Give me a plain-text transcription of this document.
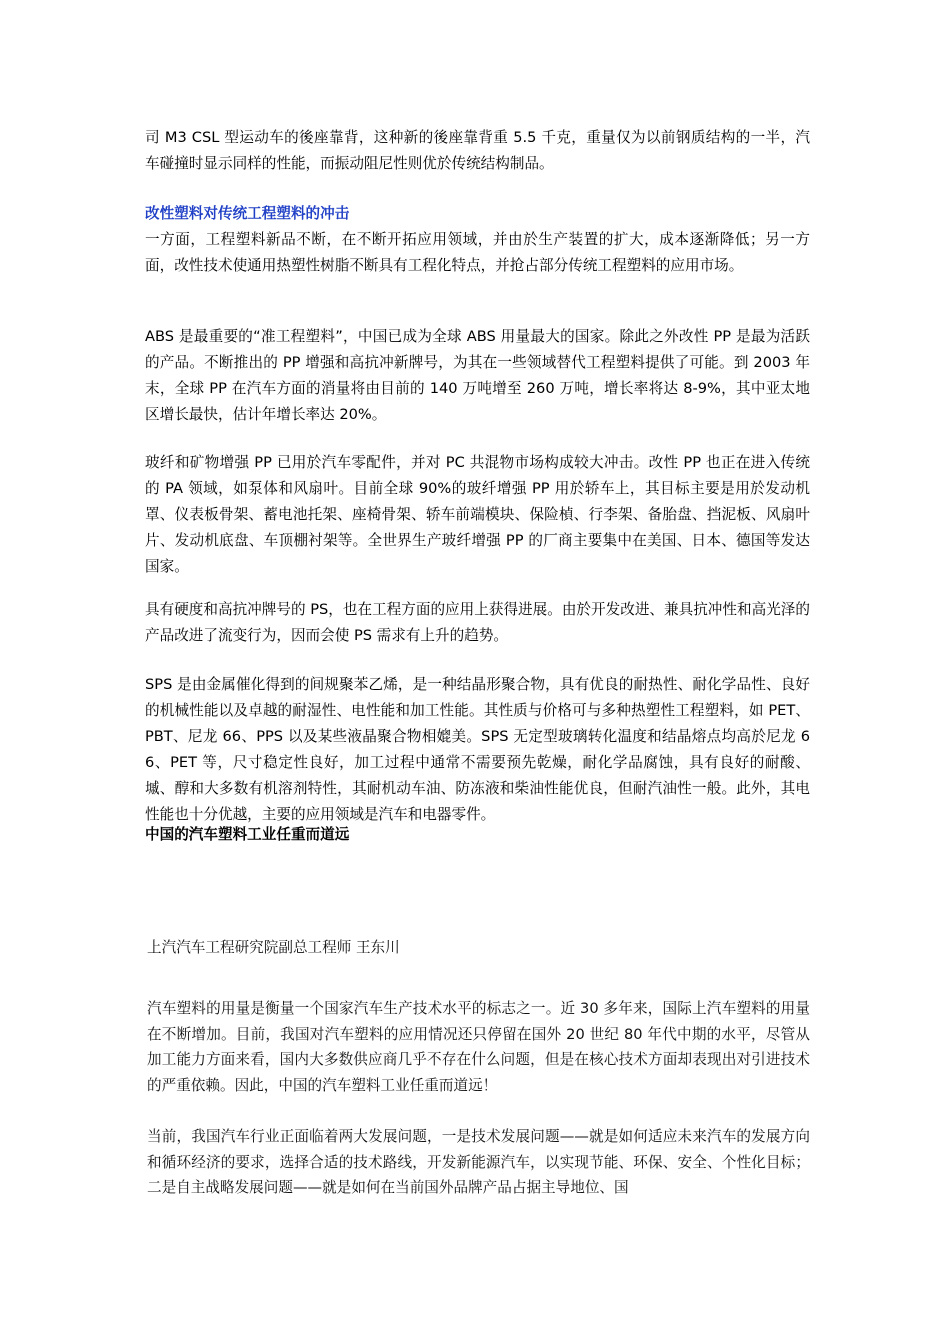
司 M3 CSL 型运动车的後座靠背，这种新的後座靠背重 5.5 千克，重量仅为以前钢质结构的一半，汽车碰撞时显示同样的性能，而振动阻尼性则优於传统结构制品。

改性塑料对传统工程塑料的冲击

一方面，工程塑料新品不断，在不断开拓应用领域，并由於生产装置的扩大，成本逐渐降低；另一方面，改性技术使通用热塑性树脂不断具有工程化特点，并抢占部分传统工程塑料的应用市场。

ABS 是最重要的“准工程塑料”，中国已成为全球 ABS 用量最大的国家。除此之外改性 PP 是最为活跃的产品。不断推出的 PP 增强和高抗冲新牌号，为其在一些领域替代工程塑料提供了可能。到 2003 年末，全球 PP 在汽车方面的消量将由目前的 140 万吨增至 260 万吨，增长率将达 8-9%，其中亚太地区增长最快，估计年增长率达 20%。

玻纤和矿物增强 PP 已用於汽车零配件，并对 PC 共混物市场构成较大冲击。改性 PP 也正在进入传统的 PA 领域，如泵体和风扇叶。目前全球 90%的玻纤增强 PP 用於轿车上，其目标主要是用於发动机罩、仪表板骨架、蓄电池托架、座椅骨架、轿车前端模块、保险楨、行李架、备胎盘、挡泥板、风扇叶片、发动机底盘、车顶棚衬架等。全世界生产玻纤增强 PP 的厂商主要集中在美国、日本、德国等发达国家。

具有硬度和高抗冲牌号的 PS，也在工程方面的应用上获得进展。由於开发改进、兼具抗冲性和高光泽的产品改进了流变行为，因而会使 PS 需求有上升的趋势。

SPS 是由金属催化得到的间规聚苯乙烯，是一种结晶形聚合物，具有优良的耐热性、耐化学品性、良好的机械性能以及卓越的耐湿性、电性能和加工性能。其性质与价格可与多种热塑性工程塑料，如 PET、PBT、尼龙 66、PPS 以及某些液晶聚合物相媲美。SPS 无定型玻璃转化温度和结晶熔点均高於尼龙 66、PET 等，尺寸稳定性良好，加工过程中通常不需要预先乾燥，耐化学品腐蚀，具有良好的耐酸、墄、醇和大多数有机溶剂特性，其耐机动车油、防冻液和柴油性能优良，但耐汽油性一般。此外，其电性能也十分优越，主要的应用领域是汽车和电器零件。

中国的汽车塑料工业任重而道远

上汽汽车工程研究院副总工程师 王东川

汽车塑料的用量是衡量一个国家汽车生产技术水平的标志之一。近 30 多年来，国际上汽车塑料的用量在不断增加。目前，我国对汽车塑料的应用情况还只停留在国外 20 世纪 80 年代中期的水平，尽管从加工能力方面来看，国内大多数供应商几乎不存在什么问题，但是在核心技术方面却表现出对引进技术的严重依赖。因此，中国的汽车塑料工业任重而道远！

当前，我国汽车行业正面临着两大发展问题，一是技术发展问题——就是如何适应未来汽车的发展方向和循环经济的要求，选择合适的技术路线，开发新能源汽车，以实现节能、环保、安全、个性化目标；二是自主战略发展问题——就是如何在当前国外品牌产品占据主导地位、国
